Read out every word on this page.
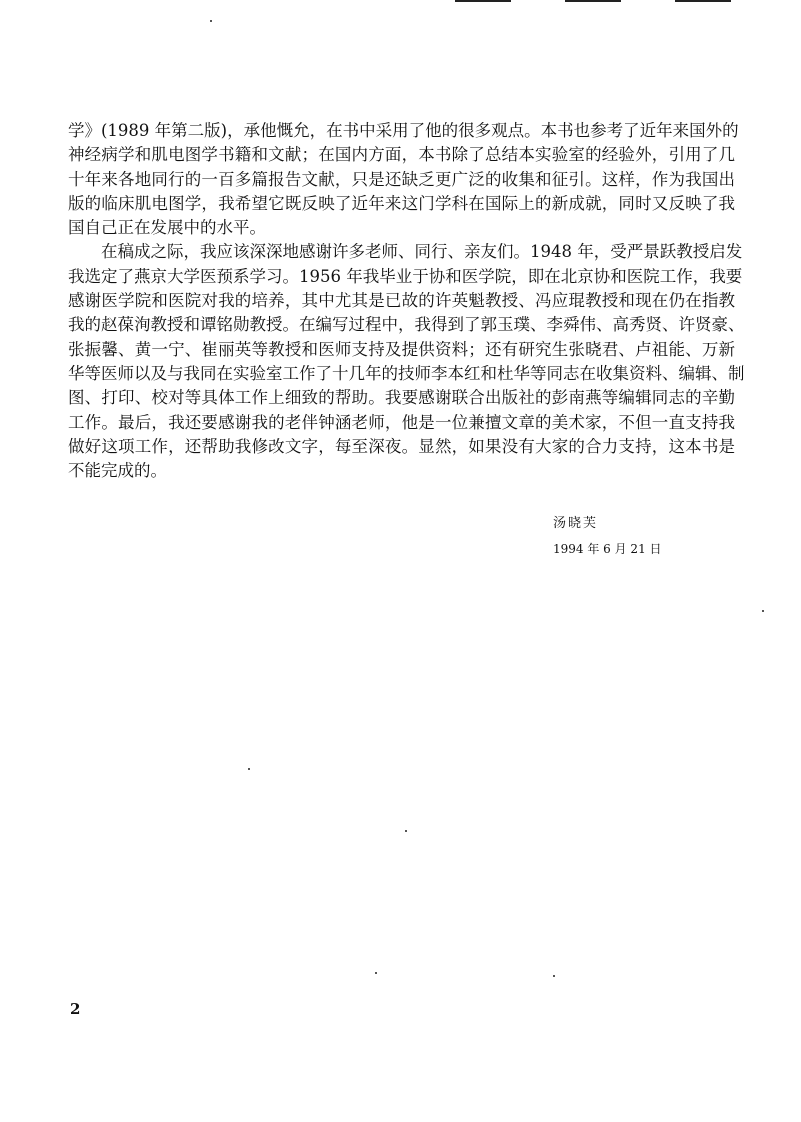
学》(1989 年第二版)，承他慨允，在书中采用了他的很多观点。本书也参考了近年来国外的
神经病学和肌电图学书籍和文献；在国内方面，本书除了总结本实验室的经验外，引用了几
十年来各地同行的一百多篇报告文献，只是还缺乏更广泛的收集和征引。这样，作为我国出
版的临床肌电图学，我希望它既反映了近年来这门学科在国际上的新成就，同时又反映了我
国自己正在发展中的水平。
　　在稿成之际，我应该深深地感谢许多老师、同行、亲友们。1948 年，受严景跃教授启发
我选定了燕京大学医预系学习。1956 年我毕业于协和医学院，即在北京协和医院工作，我要
感谢医学院和医院对我的培养，其中尤其是已故的许英魁教授、冯应琨教授和现在仍在指教
我的赵葆洵教授和谭铭勋教授。在编写过程中，我得到了郭玉璞、李舜伟、高秀贤、许贤豪、
张振馨、黄一宁、崔丽英等教授和医师支持及提供资料；还有研究生张晓君、卢祖能、万新
华等医师以及与我同在实验室工作了十几年的技师李本红和杜华等同志在收集资料、编辑、制
图、打印、校对等具体工作上细致的帮助。我要感谢联合出版社的彭南燕等编辑同志的辛勤
工作。最后，我还要感谢我的老伴钟涵老师，他是一位兼擅文章的美术家，不但一直支持我
做好这项工作，还帮助我修改文字，每至深夜。显然，如果没有大家的合力支持，这本书是
不能完成的。
汤晓芙
1994 年 6 月 21 日
2
